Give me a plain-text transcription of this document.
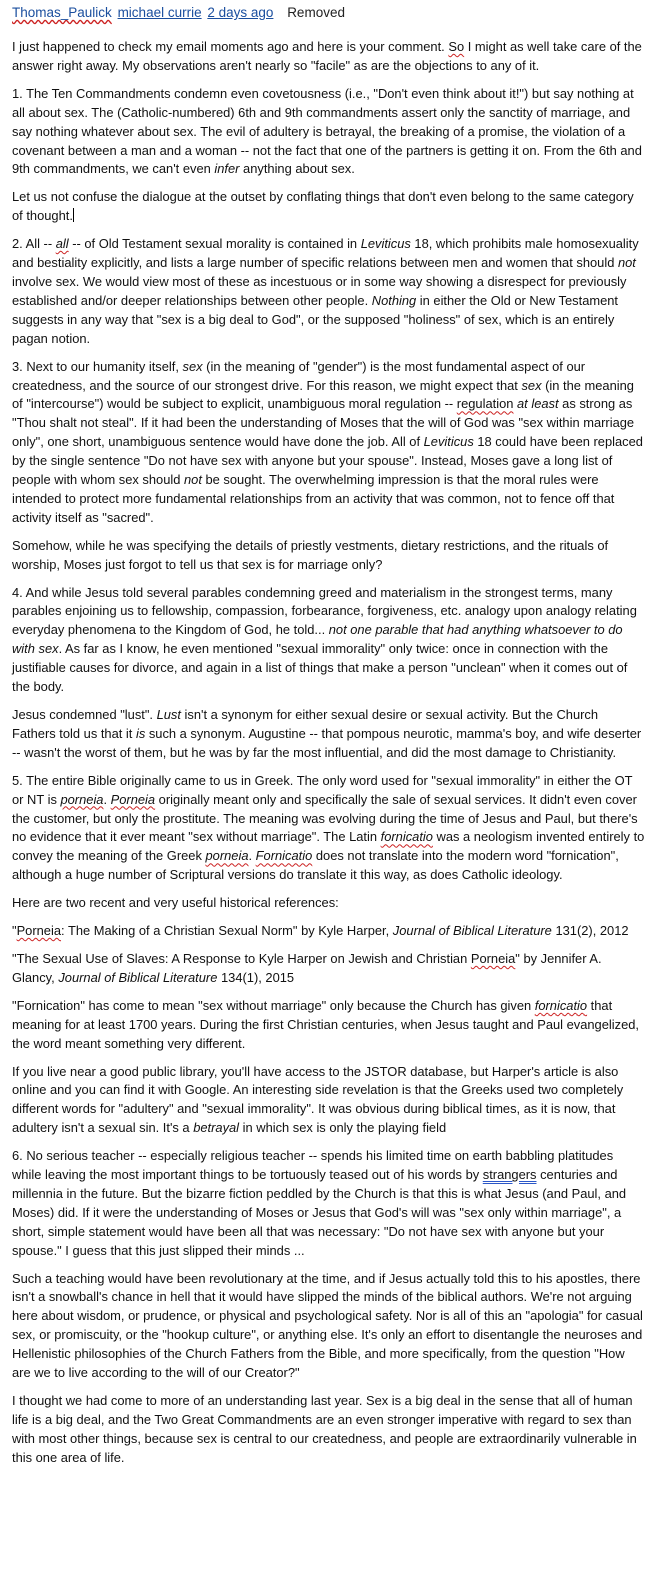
Thomas_Paulick michael currie 2 days ago Removed

I just happened to check my email moments ago and here is your comment. So I might as well take care of the answer right away. My observations aren't nearly so "facile" as are the objections to any of it.

1. The Ten Commandments condemn even covetousness (i.e., "Don't even think about it!") but say nothing at all about sex. The (Catholic-numbered) 6th and 9th commandments assert only the sanctity of marriage, and say nothing whatever about sex. The evil of adultery is betrayal, the breaking of a promise, the violation of a covenant between a man and a woman -- not the fact that one of the partners is getting it on. From the 6th and 9th commandments, we can't even infer anything about sex.

Let us not confuse the dialogue at the outset by conflating things that don't even belong to the same category of thought.

2. All -- all -- of Old Testament sexual morality is contained in Leviticus 18, which prohibits male homosexuality and bestiality explicitly, and lists a large number of specific relations between men and women that should not involve sex. We would view most of these as incestuous or in some way showing a disrespect for previously established and/or deeper relationships between other people. Nothing in either the Old or New Testament suggests in any way that "sex is a big deal to God", or the supposed "holiness" of sex, which is an entirely pagan notion.

3. Next to our humanity itself, sex (in the meaning of "gender") is the most fundamental aspect of our createdness, and the source of our strongest drive. For this reason, we might expect that sex (in the meaning of "intercourse") would be subject to explicit, unambiguous moral regulation -- regulation at least as strong as "Thou shalt not steal". If it had been the understanding of Moses that the will of God was "sex within marriage only", one short, unambiguous sentence would have done the job. All of Leviticus 18 could have been replaced by the single sentence "Do not have sex with anyone but your spouse". Instead, Moses gave a long list of people with whom sex should not be sought. The overwhelming impression is that the moral rules were intended to protect more fundamental relationships from an activity that was common, not to fence off that activity itself as "sacred".

Somehow, while he was specifying the details of priestly vestments, dietary restrictions, and the rituals of worship, Moses just forgot to tell us that sex is for marriage only?

4. And while Jesus told several parables condemning greed and materialism in the strongest terms, many parables enjoining us to fellowship, compassion, forbearance, forgiveness, etc. analogy upon analogy relating everyday phenomena to the Kingdom of God, he told... not one parable that had anything whatsoever to do with sex. As far as I know, he even mentioned "sexual immorality" only twice: once in connection with the justifiable causes for divorce, and again in a list of things that make a person "unclean" when it comes out of the body.

Jesus condemned "lust". Lust isn't a synonym for either sexual desire or sexual activity. But the Church Fathers told us that it is such a synonym. Augustine -- that pompous neurotic, mamma's boy, and wife deserter -- wasn't the worst of them, but he was by far the most influential, and did the most damage to Christianity.

5. The entire Bible originally came to us in Greek. The only word used for "sexual immorality" in either the OT or NT is porneia. Porneia originally meant only and specifically the sale of sexual services. It didn't even cover the customer, but only the prostitute. The meaning was evolving during the time of Jesus and Paul, but there's no evidence that it ever meant "sex without marriage". The Latin fornicatio was a neologism invented entirely to convey the meaning of the Greek porneia. Fornicatio does not translate into the modern word "fornication", although a huge number of Scriptural versions do translate it this way, as does Catholic ideology.

Here are two recent and very useful historical references:

"Porneia: The Making of a Christian Sexual Norm" by Kyle Harper, Journal of Biblical Literature 131(2), 2012

"The Sexual Use of Slaves: A Response to Kyle Harper on Jewish and Christian Porneia" by Jennifer A. Glancy, Journal of Biblical Literature 134(1), 2015

"Fornication" has come to mean "sex without marriage" only because the Church has given fornicatio that meaning for at least 1700 years. During the first Christian centuries, when Jesus taught and Paul evangelized, the word meant something very different.

If you live near a good public library, you'll have access to the JSTOR database, but Harper's article is also online and you can find it with Google. An interesting side revelation is that the Greeks used two completely different words for "adultery" and "sexual immorality". It was obvious during biblical times, as it is now, that adultery isn't a sexual sin. It's a betrayal in which sex is only the playing field

6. No serious teacher -- especially religious teacher -- spends his limited time on earth babbling platitudes while leaving the most important things to be tortuously teased out of his words by strangers centuries and millennia in the future. But the bizarre fiction peddled by the Church is that this is what Jesus (and Paul, and Moses) did. If it were the understanding of Moses or Jesus that God's will was "sex only within marriage", a short, simple statement would have been all that was necessary: "Do not have sex with anyone but your spouse." I guess that this just slipped their minds ...

Such a teaching would have been revolutionary at the time, and if Jesus actually told this to his apostles, there isn't a snowball's chance in hell that it would have slipped the minds of the biblical authors. We're not arguing here about wisdom, or prudence, or physical and psychological safety. Nor is all of this an "apologia" for casual sex, or promiscuity, or the "hookup culture", or anything else. It's only an effort to disentangle the neuroses and Hellenistic philosophies of the Church Fathers from the Bible, and more specifically, from the question "How are we to live according to the will of our Creator?"

I thought we had come to more of an understanding last year. Sex is a big deal in the sense that all of human life is a big deal, and the Two Great Commandments are an even stronger imperative with regard to sex than with most other things, because sex is central to our createdness, and people are extraordinarily vulnerable in this one area of life.
